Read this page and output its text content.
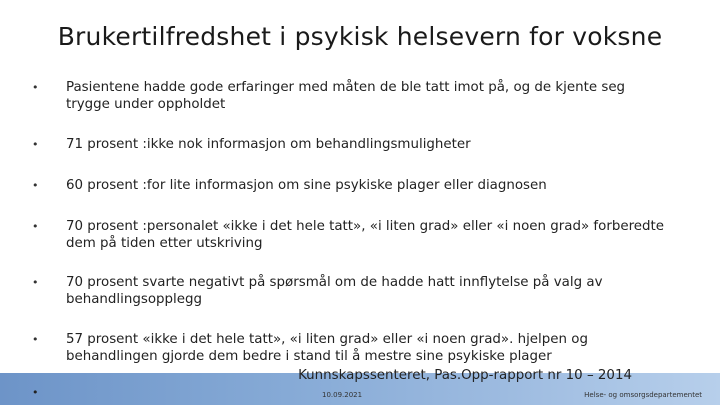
Brukertilfredshet i psykisk helsevern for voksne
• Pasientene hadde gode erfaringer med måten de ble tatt imot på, og de kjente seg trygge under oppholdet
• 71 prosent :ikke nok informasjon om behandlingsmuligheter
• 60 prosent :for lite informasjon om sine psykiske plager eller diagnosen
• 70 prosent :personalet «ikke i det hele tatt», «i liten grad» eller «i noen grad» forberedte dem på tiden etter utskriving
• 70 prosent svarte negativt på spørsmål om de hadde hatt innflytelse på valg av behandlingsopplegg
• 57 prosent «ikke i det hele tatt», «i liten grad» eller «i noen grad». hjelpen og behandlingen gjorde dem bedre i stand til å mestre sine psykiske plager
Kunnskapssenteret, Pas.Opp-rapport nr 10 – 2014
•	10.09.2021	Helse- og omsorgsdepartementet
